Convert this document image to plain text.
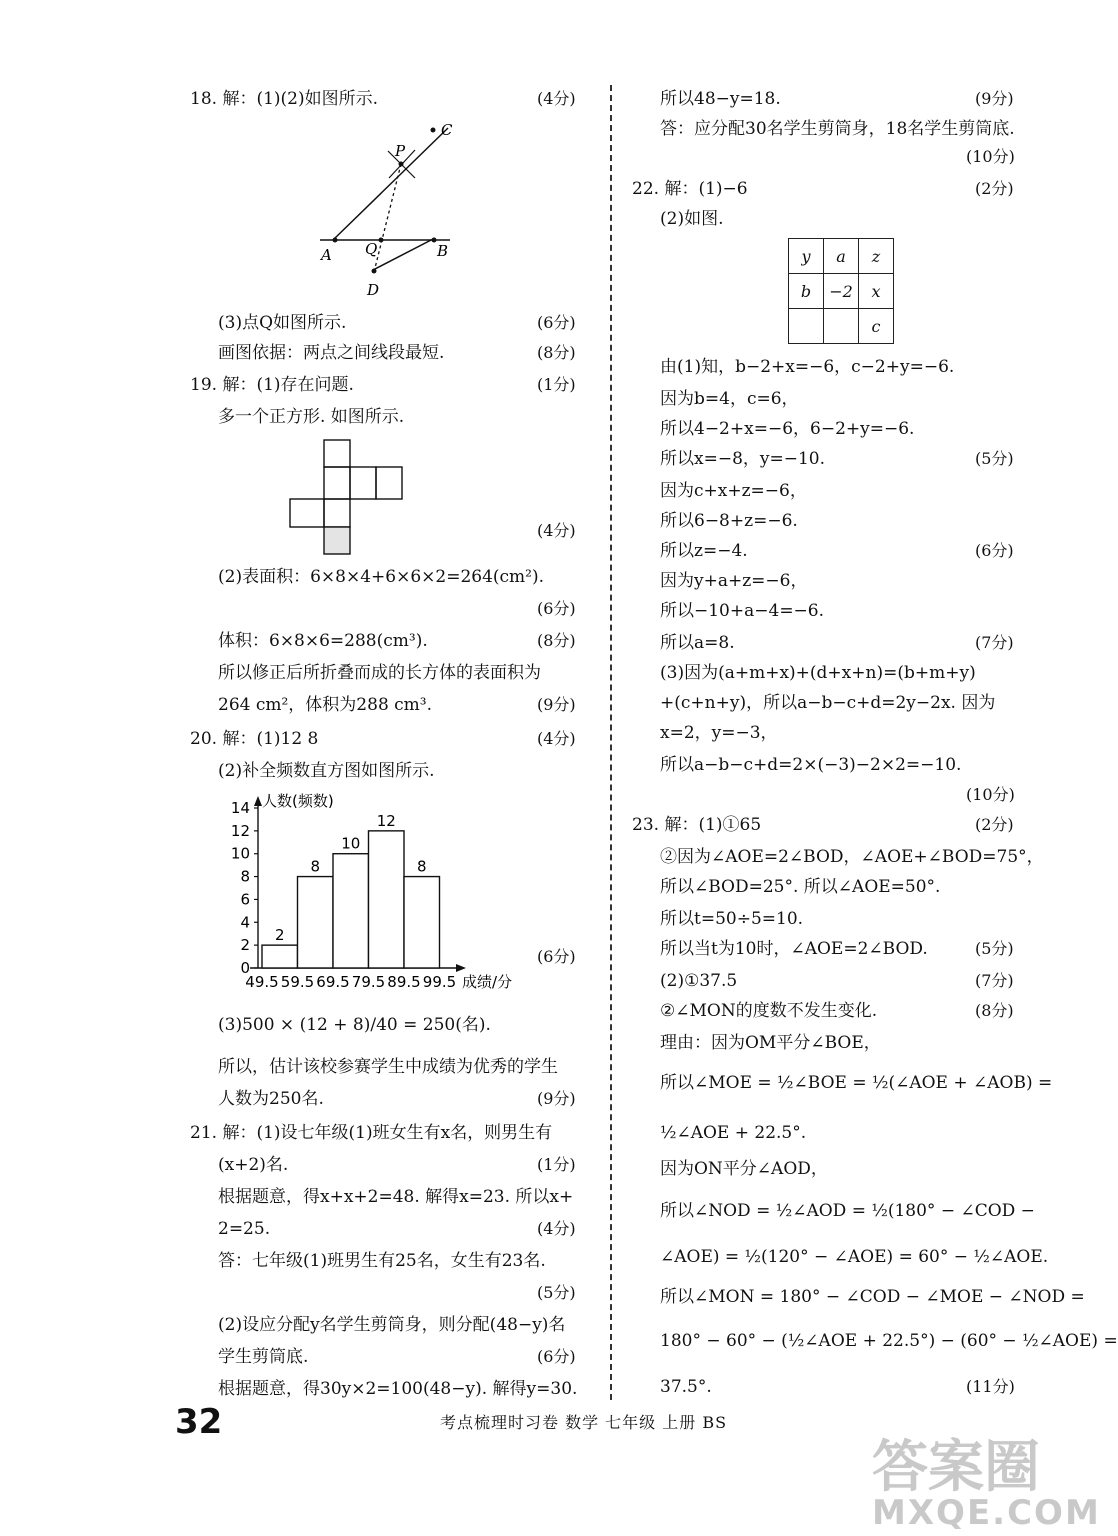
18. 解：(1)(2)如图所示.	(4分)
C
P
A Q	B
D
(3)点Q如图所示.	(6分)
画图依据：两点之间线段最短.	(8分)
19. 解：(1)存在问题.	(1分)
多一个正方形. 如图所示.
(4分)
(2)表面积：6×8×4+6×6×2=264(cm²).
(6分)
体积：6×8×6=288(cm³).	(8分)
所以修正后所折叠而成的长方体的表面积为
264 cm²，体积为288 cm³.	(9分)
20. 解：(1)12 8	(4分)
(2)补全频数直方图如图所示.
人数(频数)
成绩/分
0
2
4
6
8
10
12
14
2
8
10
12
8
49.5 59.5 69.5 79.5 89.5 99.5
(6分)
(3)500 × (12 + 8)/40 = 250(名).
所以，估计该校参赛学生中成绩为优秀的学生
人数为250名.	(9分)
21. 解：(1)设七年级(1)班女生有x名，则男生有
(x+2)名.	(1分)
根据题意，得x+x+2=48. 解得x=23. 所以x+
2=25.	(4分)
答：七年级(1)班男生有25名，女生有23名.
(5分)
(2)设应分配y名学生剪筒身，则分配(48−y)名
学生剪筒底.	(6分)
根据题意，得30y×2=100(48−y). 解得y=30.
所以48−y=18.	(9分)
答：应分配30名学生剪筒身，18名学生剪筒底.
(10分)
22. 解：(1)−6	(2分)
(2)如图.
y	a	z
b	−2	x
		c
由(1)知，b−2+x=−6，c−2+y=−6.
因为b=4，c=6，
所以4−2+x=−6，6−2+y=−6.
所以x=−8，y=−10.	(5分)
因为c+x+z=−6，
所以6−8+z=−6.
所以z=−4.	(6分)
因为y+a+z=−6，
所以−10+a−4=−6.
所以a=8.	(7分)
(3)因为(a+m+x)+(d+x+n)=(b+m+y)
+(c+n+y)，所以a−b−c+d=2y−2x. 因为
x=2，y=−3，
所以a−b−c+d=2×(−3)−2×2=−10.
(10分)
23. 解：(1)①65	(2分)
②因为∠AOE=2∠BOD，∠AOE+∠BOD=75°，
所以∠BOD=25°. 所以∠AOE=50°.
所以t=50÷5=10.
所以当t为10时，∠AOE=2∠BOD.	(5分)
(2)①37.5	(7分)
②∠MON的度数不发生变化.	(8分)
理由：因为OM平分∠BOE，
所以∠MOE = ½∠BOE = ½(∠AOE + ∠AOB) =
½∠AOE + 22.5°.
因为ON平分∠AOD，
所以∠NOD = ½∠AOD = ½(180° − ∠COD −
∠AOE) = ½(120° − ∠AOE) = 60° − ½∠AOE.
所以∠MON = 180° − ∠COD − ∠MOE − ∠NOD =
180° − 60° − (½∠AOE + 22.5°) − (60° − ½∠AOE) =
37.5°.	(11分)
32	考点梳理时习卷 数学 七年级 上册 BS
答案圈
MXQE.COM
